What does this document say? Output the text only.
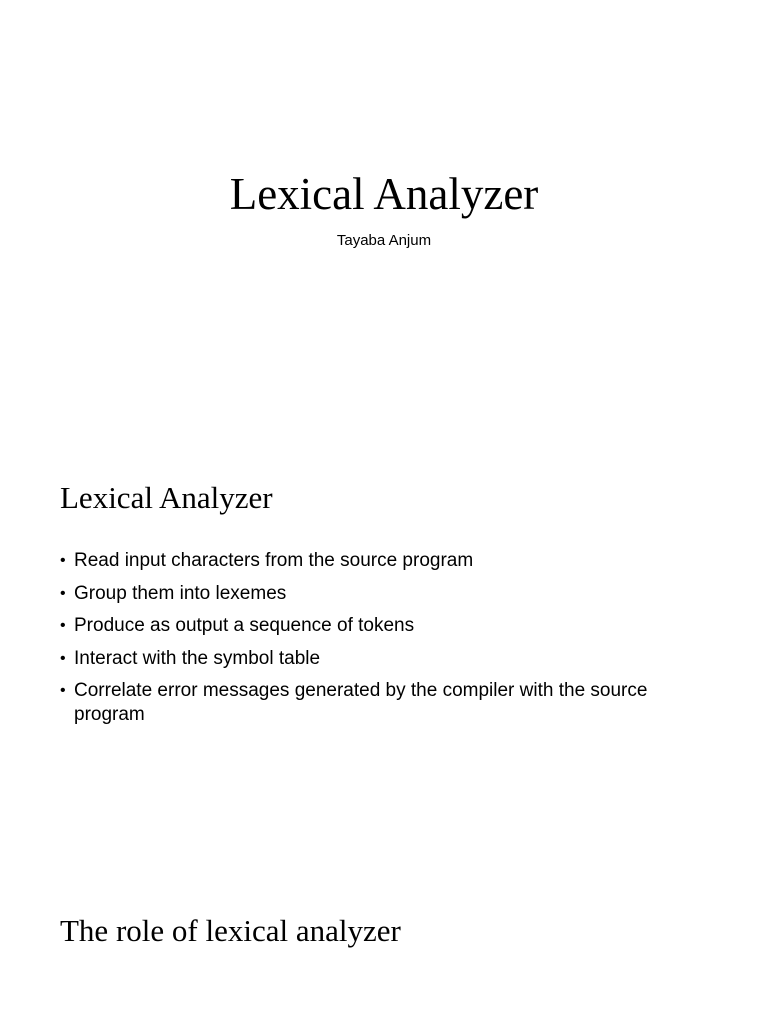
Lexical Analyzer
Tayaba Anjum
Lexical Analyzer
• Read input characters from the source program
• Group them into lexemes
• Produce as output a sequence of tokens
• Interact with the symbol table
• Correlate error messages generated by the compiler with the source program
The role of lexical analyzer
